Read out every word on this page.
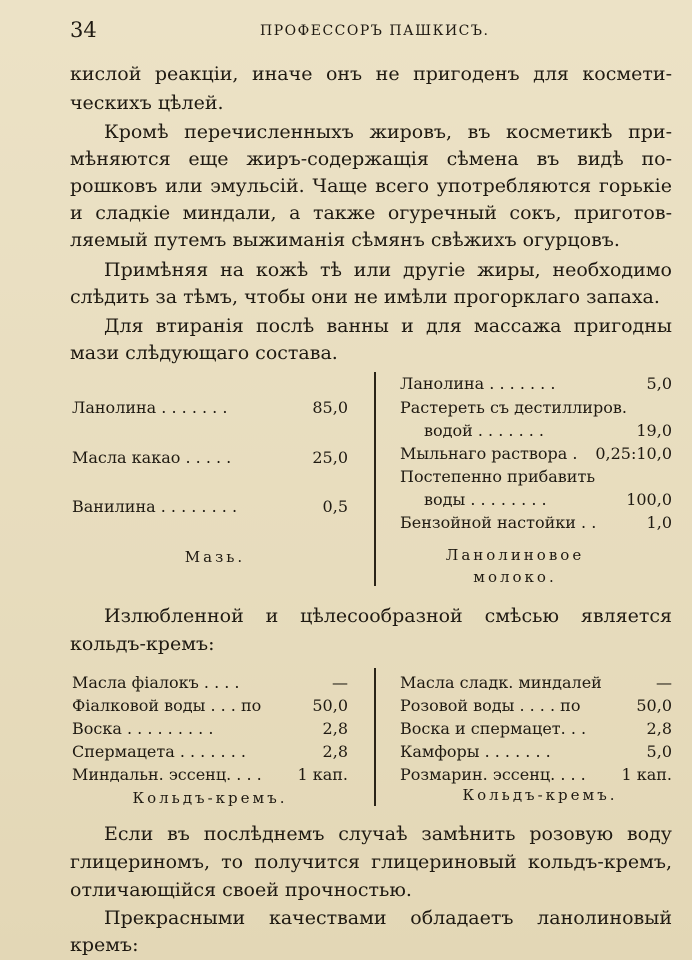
34	ПРОФЕССОРЪ ПАШКИСЪ.
кислой реакціи, иначе онъ не пригоденъ для космети-
ческихъ цѣлей.
Кромѣ перечисленныхъ жировъ, въ косметикѣ при-
мѣняются еще жиръ-содержащія сѣмена въ видѣ по-
рошковъ или эмульсій. Чаще всего употребляются горькіе
и сладкіе миндали, а также огуречный сокъ, приготов-
ляемый путемъ выжиманія сѣмянъ свѣжихъ огурцовъ.
Примѣняя на кожѣ тѣ или другіе жиры, необходимо
слѣдить за тѣмъ, чтобы они не имѣли прогорклаго запаха.
Для втиранія послѣ ванны и для массажа пригодны
мази слѣдующаго состава.
Ланолина . . . . . . .	85,0
Масла какао . . . . .	25,0
Ванилина . . . . . . . .	0,5
Мазь.
Ланолина . . . . . . .	5,0
Растереть съ дестиллиров.
водой . . . . . . .	19,0
Мыльнаго раствора . 0,25:10,0
Постепенно прибавить
воды . . . . . . . .	100,0
Бензойной настойки . .	1,0
Ланолиновое
молоко.
Излюбленной и цѣлесообразной смѣсью является
кольдъ-кремъ:
Масла фіалокъ . . . .	—
Фіалковой воды . . . по	50,0
Воска . . . . . . . . .	2,8
Спермацета . . . . . . .	2,8
Миндальн. эссенц. . . . 1 кап.
Кольдъ-кремъ.
Масла сладк. миндалей	—
Розовой воды . . . . по	50,0
Воска и спермацет. . .	2,8
Камфоры . . . . . . .	5,0
Розмарин. эссенц. . . . 1 кап.
Кольдъ-кремъ.
Если въ послѣднемъ случаѣ замѣнить розовую воду
глицериномъ, то получится глицериновый кольдъ-кремъ,
отличающійся своей прочностью.
Прекрасными качествами обладаетъ ланолиновый
кремъ:
